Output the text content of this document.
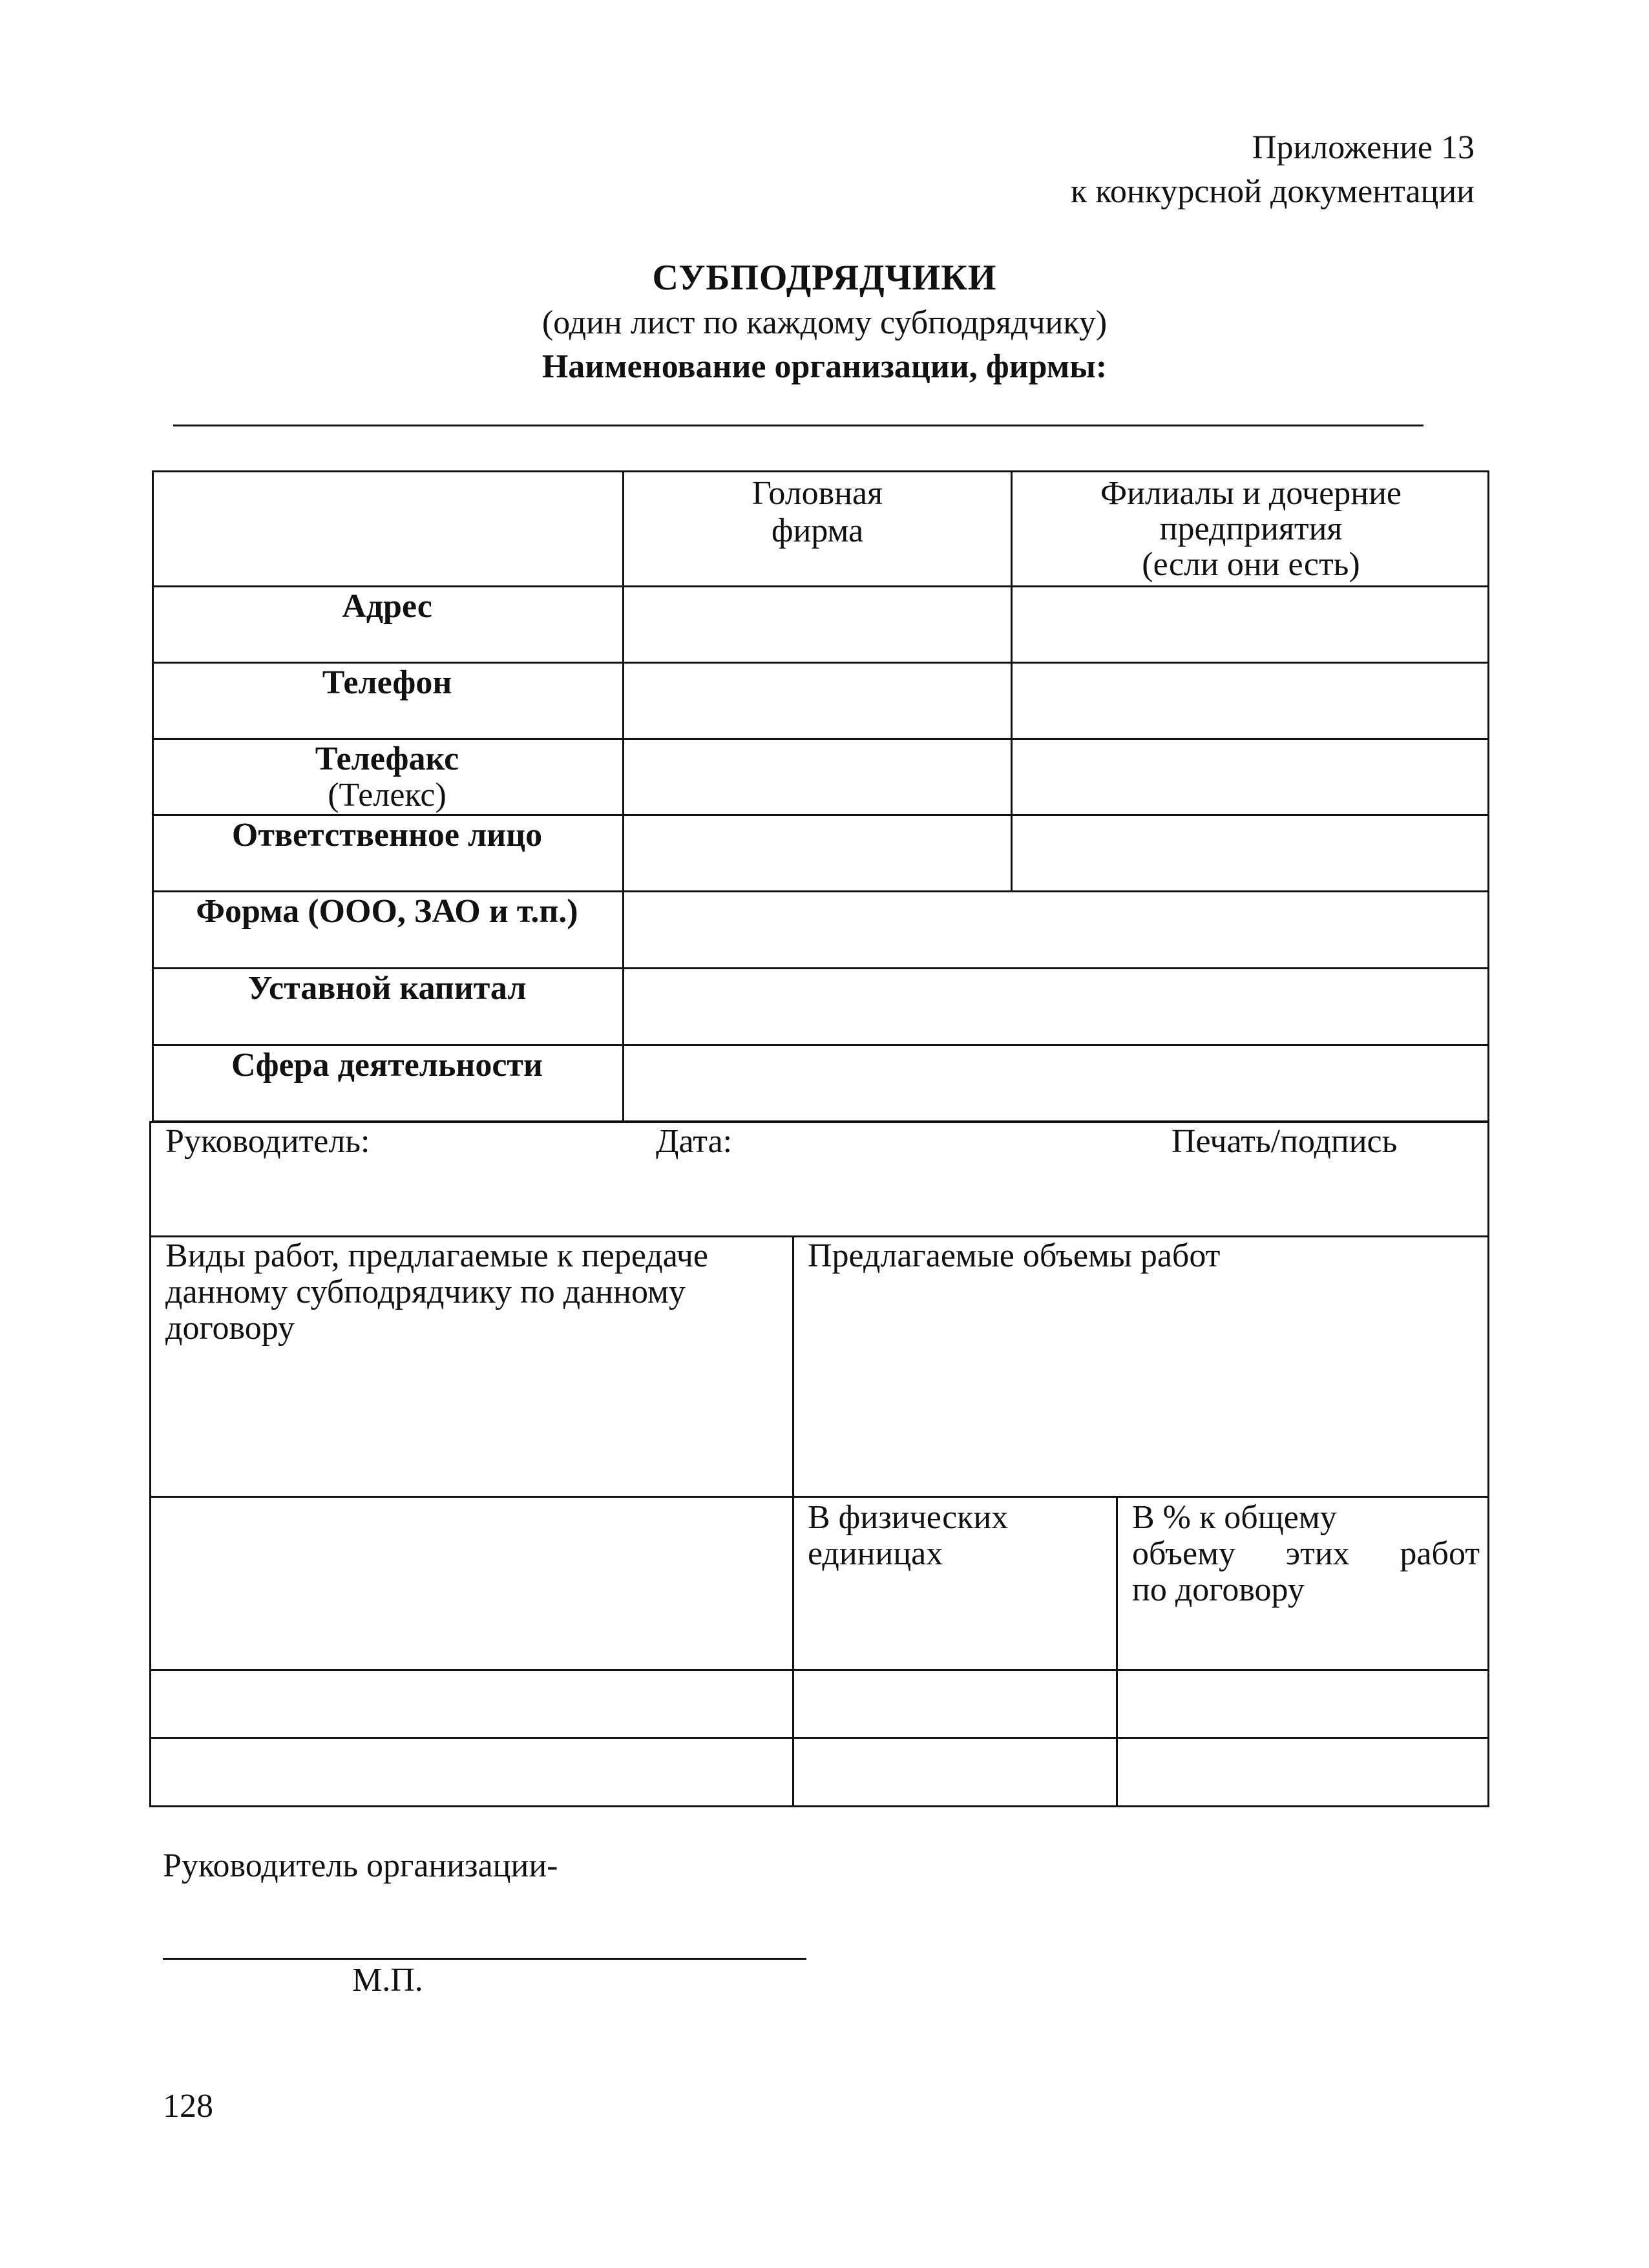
Приложение 13
к конкурсной документации
СУБПОДРЯДЧИКИ
(один лист по каждому субподрядчику)
Наименование организации, фирмы:
Головная
фирма
Филиалы и дочерние
предприятия
(если они есть)
Адрес
Телефон
Телефакс
(Телекс)
Ответственное лицо
Форма (ООО, ЗАО и т.п.)
Уставной капитал
Сфера деятельности
Руководитель:	Дата:	Печать/подпись
Виды работ, предлагаемые к передаче
данному субподрядчику по данному
договору
Предлагаемые объемы работ
В физических
единицах
В % к общему
объему этих работ
по договору
Руководитель организации-
М.П.
128
